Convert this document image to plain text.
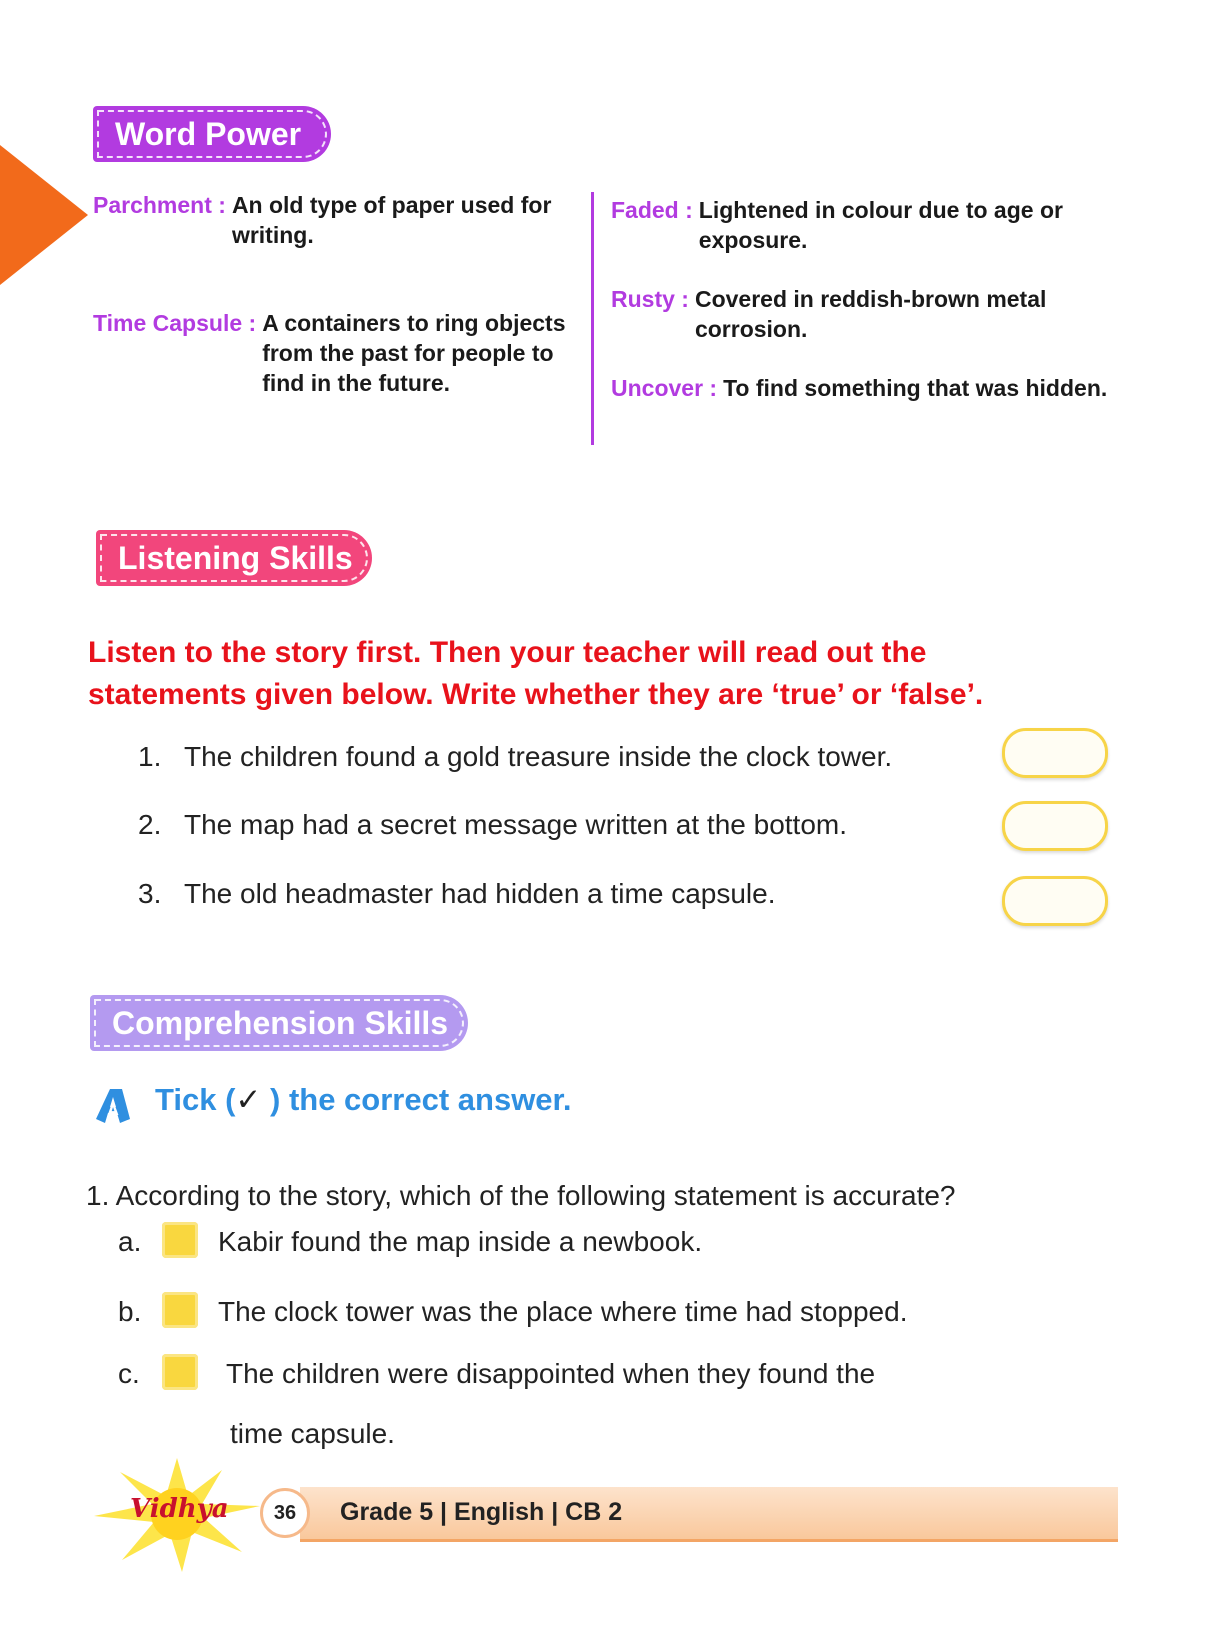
Word Power
Parchment : An old type of paper used for writing.
Time Capsule : A containers to ring objects from the past for people to find in the future.
Faded : Lightened in colour due to age or exposure.
Rusty : Covered in reddish-brown metal corrosion.
Uncover : To find something that was hidden.
Listening Skills
Listen to the story first. Then your teacher will read out the
statements given below. Write whether they are ‘true’ or ‘false’.
1. The children found a gold treasure inside the clock tower.
2. The map had a secret message written at the bottom.
3. The old headmaster had hidden a time capsule.
Comprehension Skills
A Tick (✓ ) the correct answer.
1. According to the story, which of the following statement is accurate?
a.	Kabir found the map inside a newbook.
b.	The clock tower was the place where time had stopped.
c.	The children were disappointed when they found the
time capsule.
Vidhya	36	Grade 5 | English | CB 2
